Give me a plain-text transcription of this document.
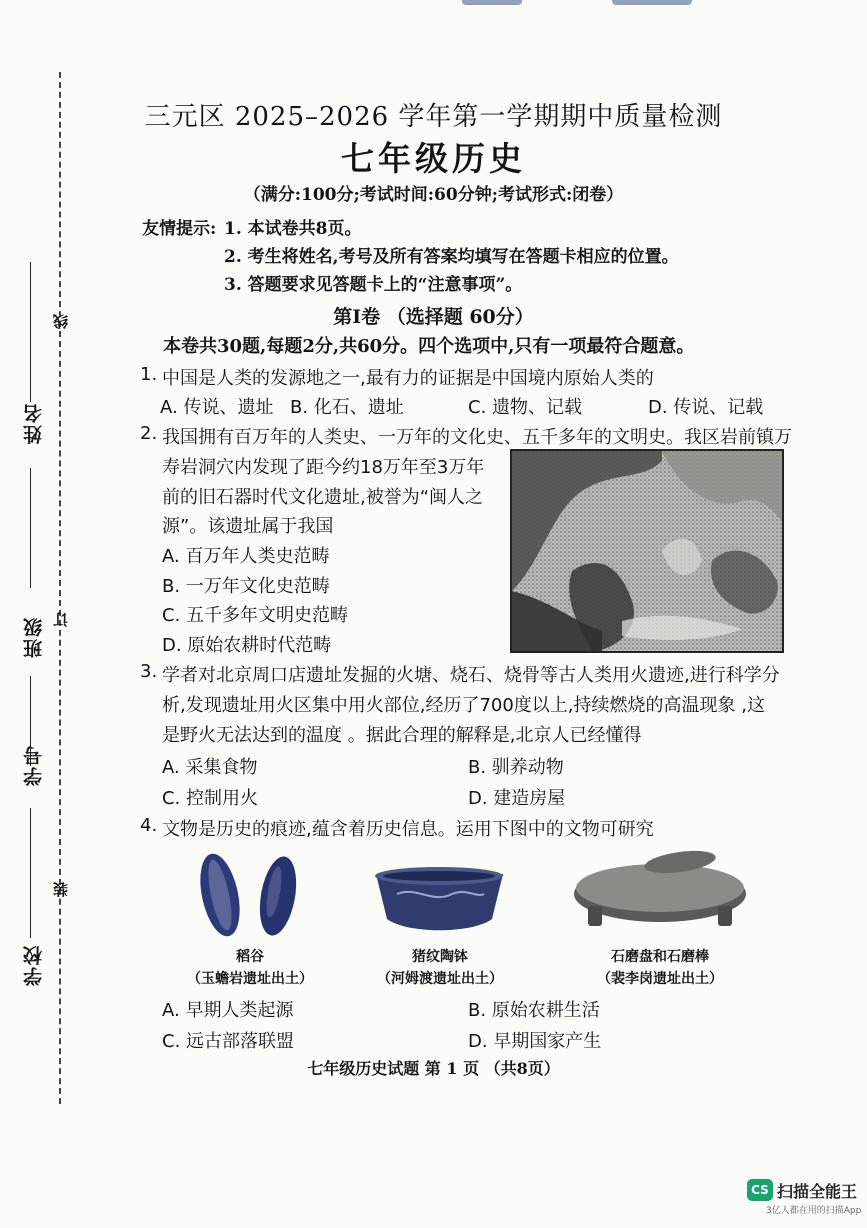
线
姓名
订
班级
学号
装
学校
三元区 2025–2026 学年第一学期期中质量检测
七年级历史
（满分:100分;考试时间:60分钟;考试形式:闭卷）
友情提示: 1. 本试卷共8页。
2. 考生将姓名,考号及所有答案均填写在答题卡相应的位置。
3. 答题要求见答题卡上的“注意事项”。
第Ⅰ卷 （选择题 60分）
本卷共30题,每题2分,共60分。四个选项中,只有一项最符合题意。
1. 中国是人类的发源地之一,最有力的证据是中国境内原始人类的
A. 传说、遗址 B. 化石、遗址	C. 遗物、记载	D. 传说、记载
2. 我国拥有百万年的人类史、一万年的文化史、五千多年的文明史。我区岩前镇万
寿岩洞穴内发现了距今约18万年至3万年
前的旧石器时代文化遗址,被誉为“闽人之
源”。该遗址属于我国
A. 百万年人类史范畴
B. 一万年文化史范畴
C. 五千多年文明史范畴
D. 原始农耕时代范畴
3. 学者对北京周口店遗址发掘的火塘、烧石、烧骨等古人类用火遗迹,进行科学分
析,发现遗址用火区集中用火部位,经历了700度以上,持续燃烧的高温现象 ,这
是野火无法达到的温度 。据此合理的解释是,北京人已经懂得
A. 采集食物	B. 驯养动物
C. 控制用火	D. 建造房屋
4. 文物是历史的痕迹,蕴含着历史信息。运用下图中的文物可研究
稻谷
（玉蟾岩遗址出土）
猪纹陶钵
（河姆渡遗址出土）
石磨盘和石磨棒
（裴李岗遗址出土）
A. 早期人类起源	B. 原始农耕生活
C. 远古部落联盟	D. 早期国家产生
七年级历史试题 第 1 页 （共8页）
CS 扫描全能王
3亿人都在用的扫描App
